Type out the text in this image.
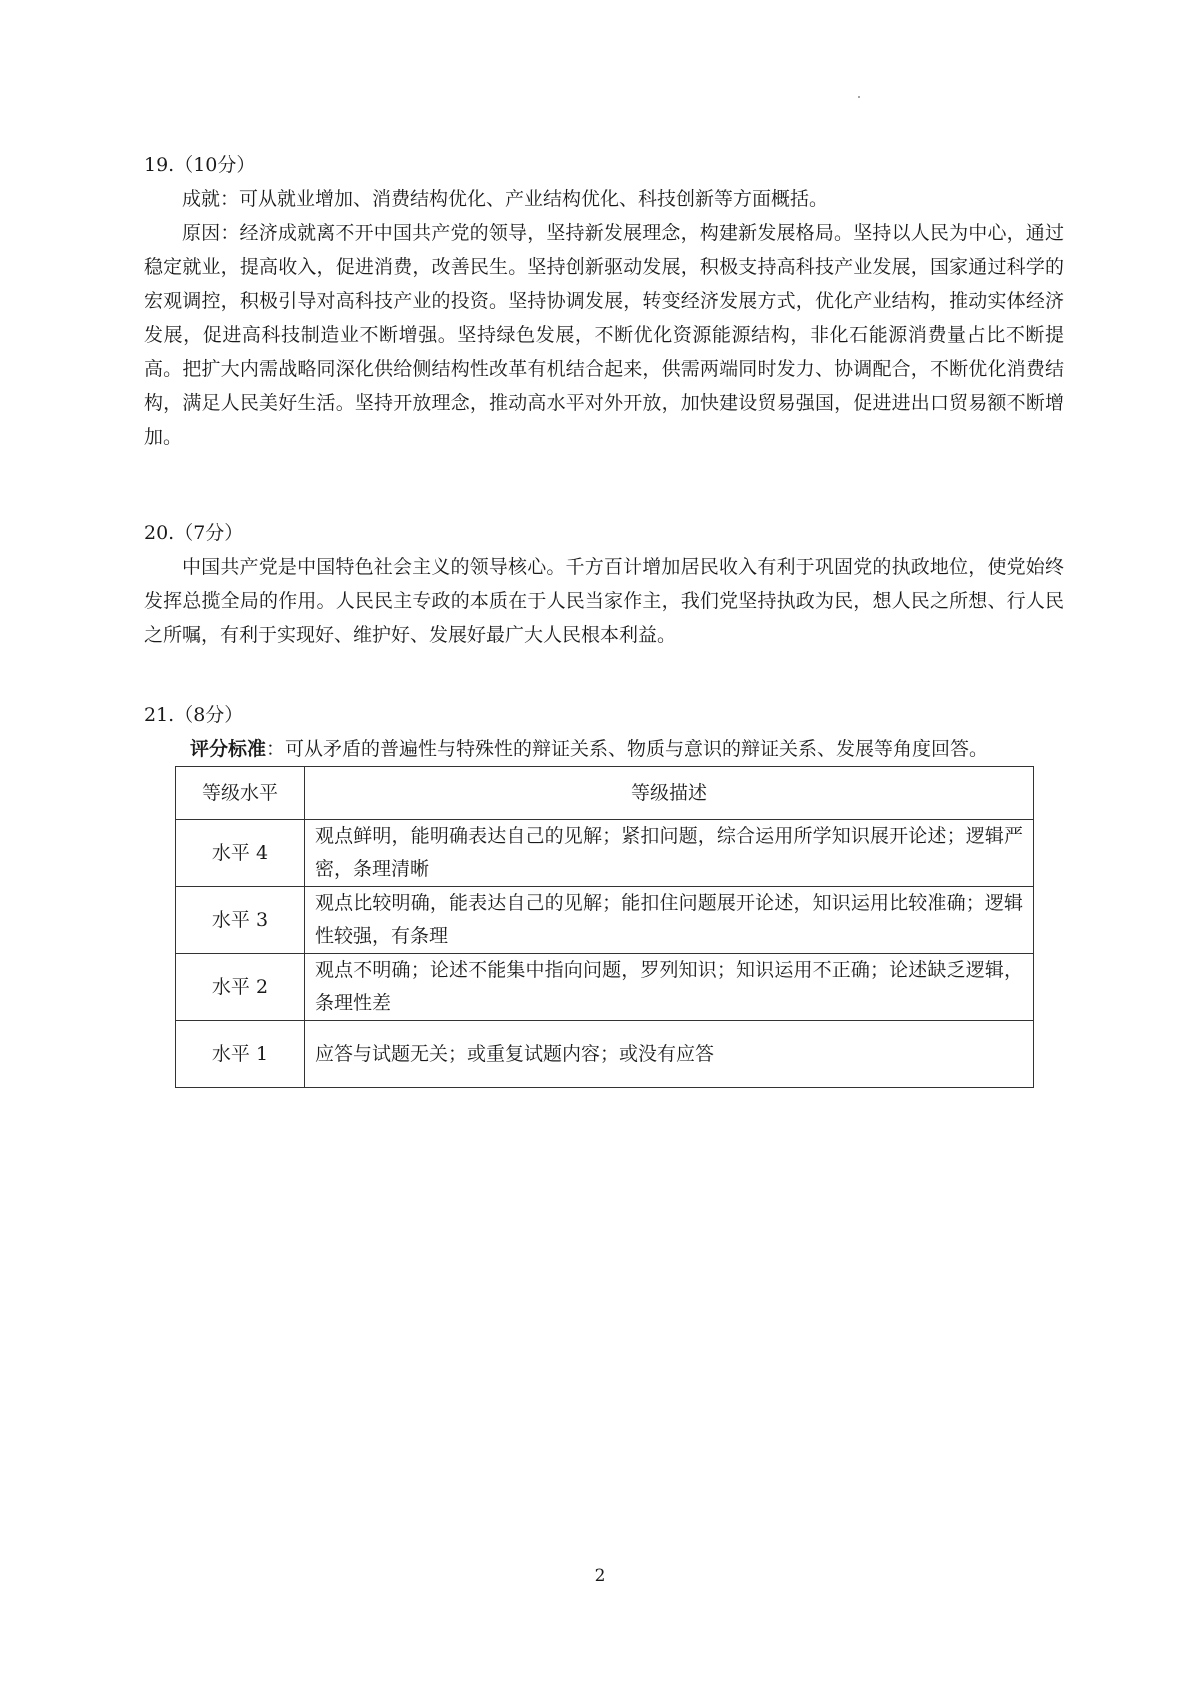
19.（10分）

成就：可从就业增加、消费结构优化、产业结构优化、科技创新等方面概括。

原因：经济成就离不开中国共产党的领导，坚持新发展理念，构建新发展格局。坚持以人民为中心，通过稳定就业，提高收入，促进消费，改善民生。坚持创新驱动发展，积极支持高科技产业发展，国家通过科学的宏观调控，积极引导对高科技产业的投资。坚持协调发展，转变经济发展方式，优化产业结构，推动实体经济发展，促进高科技制造业不断增强。坚持绿色发展，不断优化资源能源结构，非化石能源消费量占比不断提高。把扩大内需战略同深化供给侧结构性改革有机结合起来，供需两端同时发力、协调配合，不断优化消费结构，满足人民美好生活。坚持开放理念，推动高水平对外开放，加快建设贸易强国，促进进出口贸易额不断增加。

20.（7分）

中国共产党是中国特色社会主义的领导核心。千方百计增加居民收入有利于巩固党的执政地位，使党始终发挥总揽全局的作用。人民民主专政的本质在于人民当家作主，我们党坚持执政为民，想人民之所想、行人民之所嘱，有利于实现好、维护好、发展好最广大人民根本利益。

21.（8分）

评分标准：可从矛盾的普遍性与特殊性的辩证关系、物质与意识的辩证关系、发展等角度回答。

等级水平	等级描述
水平 4	观点鲜明，能明确表达自己的见解；紧扣问题，综合运用所学知识展开论述；逻辑严密，条理清晰
水平 3	观点比较明确，能表达自己的见解；能扣住问题展开论述，知识运用比较准确；逻辑性较强，有条理
水平 2	观点不明确；论述不能集中指向问题，罗列知识；知识运用不正确；论述缺乏逻辑，条理性差
水平 1	应答与试题无关；或重复试题内容；或没有应答
2
